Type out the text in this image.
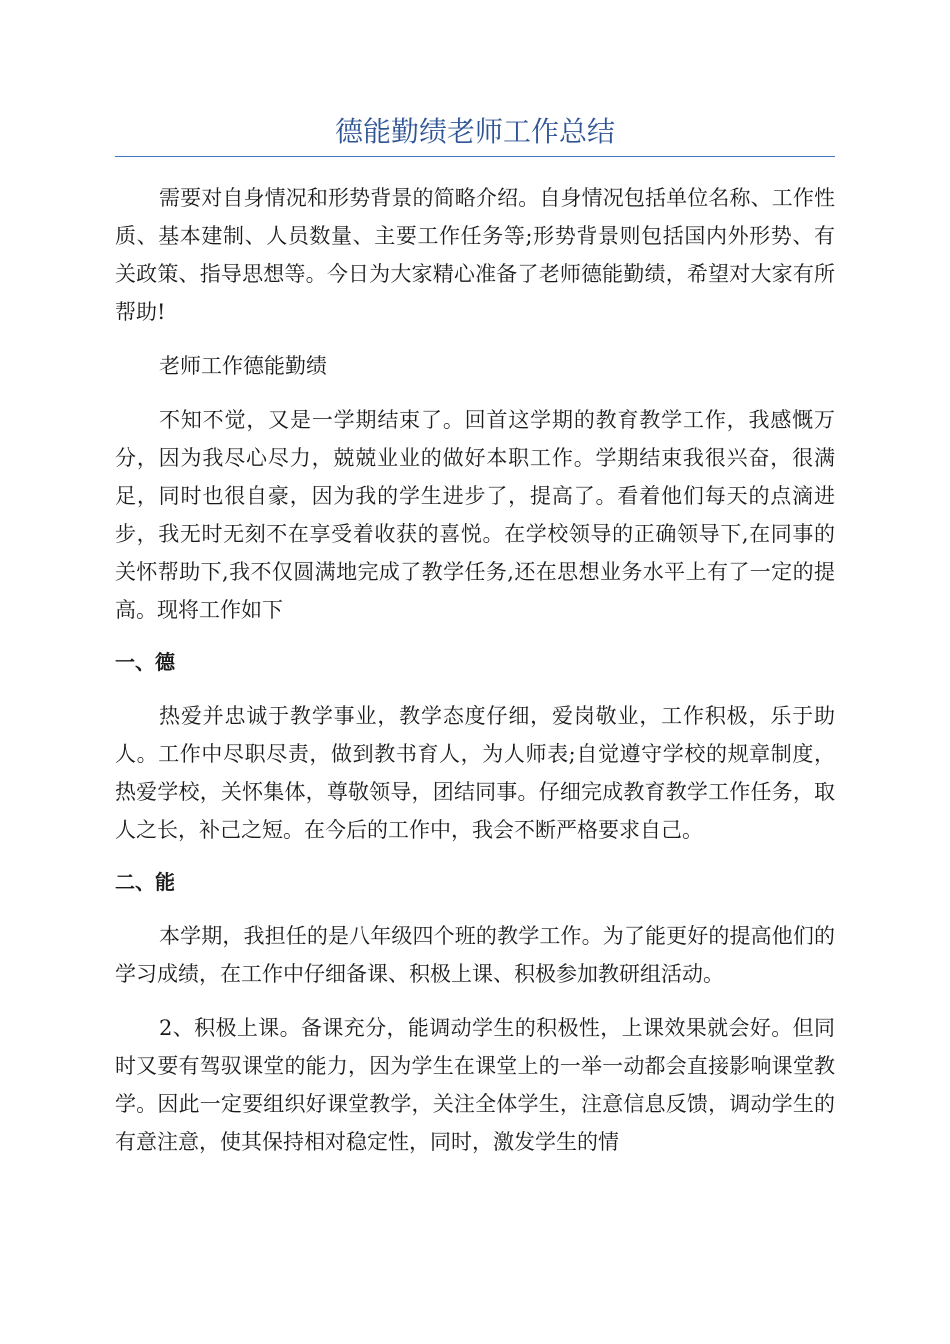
德能勤绩老师工作总结

需要对自身情况和形势背景的简略介绍。自身情况包括单位名称、工作性质、基本建制、人员数量、主要工作任务等;形势背景则包括国内外形势、有关政策、指导思想等。今日为大家精心准备了老师德能勤绩，希望对大家有所帮助!

老师工作德能勤绩

不知不觉，又是一学期结束了。回首这学期的教育教学工作，我感慨万分，因为我尽心尽力，兢兢业业的做好本职工作。学期结束我很兴奋，很满足，同时也很自豪，因为我的学生进步了，提高了。看着他们每天的点滴进步，我无时无刻不在享受着收获的喜悦。在学校领导的正确领导下,在同事的关怀帮助下,我不仅圆满地完成了教学任务,还在思想业务水平上有了一定的提高。现将工作如下

一、德

热爱并忠诚于教学事业，教学态度仔细，爱岗敬业，工作积极，乐于助人。工作中尽职尽责，做到教书育人，为人师表;自觉遵守学校的规章制度，热爱学校，关怀集体，尊敬领导，团结同事。仔细完成教育教学工作任务，取人之长，补己之短。在今后的工作中，我会不断严格要求自己。

二、能

本学期，我担任的是八年级四个班的教学工作。为了能更好的提高他们的学习成绩，在工作中仔细备课、积极上课、积极参加教研组活动。

2、积极上课。备课充分，能调动学生的积极性，上课效果就会好。但同时又要有驾驭课堂的能力，因为学生在课堂上的一举一动都会直接影响课堂教学。因此一定要组织好课堂教学，关注全体学生，注意信息反馈，调动学生的有意注意，使其保持相对稳定性，同时，激发学生的情
